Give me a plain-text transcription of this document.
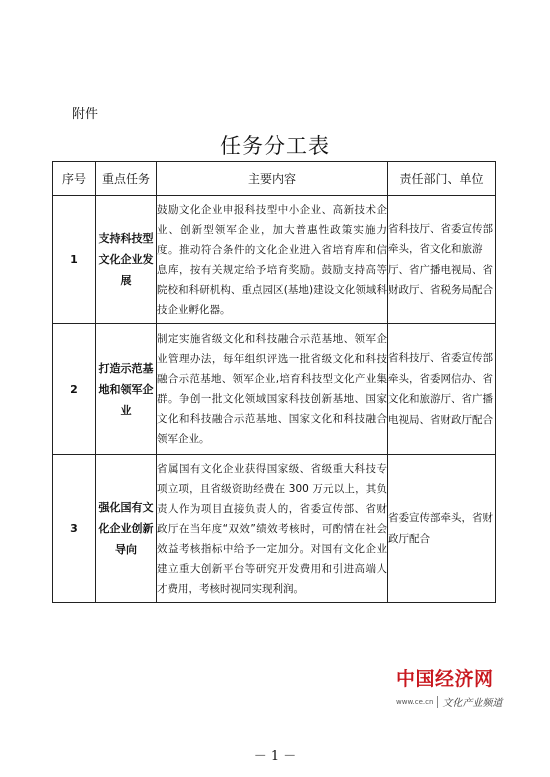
附件
任务分工表
序号	重点任务	主要内容	责任部门、单位
1	支持科技型文化企业发展	鼓励文化企业申报科技型中小企业、高新技术企业、创新型领军企业，加大普惠性政策实施力度。推动符合条件的文化企业进入省培育库和信息库，按有关规定给予培育奖励。鼓励支持高等院校和科研机构、重点园区(基地)建设文化领域科技企业孵化器。	省科技厅、省委宣传部牵头，省文化和旅游厅、省广播电视局、省财政厅、省税务局配合
2	打造示范基地和领军企业	制定实施省级文化和科技融合示范基地、领军企业管理办法，每年组织评选一批省级文化和科技融合示范基地、领军企业,培育科技型文化产业集群。争创一批文化领域国家科技创新基地、国家文化和科技融合示范基地、国家文化和科技融合领军企业。	省科技厅、省委宣传部牵头，省委网信办、省文化和旅游厅、省广播电视局、省财政厅配合
3	强化国有文化企业创新导向	省属国有文化企业获得国家级、省级重大科技专项立项，且省级资助经费在 300 万元以上，其负责人作为项目直接负责人的，省委宣传部、省财政厅在当年度“双效”绩效考核时，可酌情在社会效益考核指标中给予一定加分。对国有文化企业建立重大创新平台等研究开发费用和引进高端人才费用，考核时视同实现利润。	省委宣传部牵头，省财政厅配合
中国经济网
www.ce.cn 文化产业频道
－ 1 －
